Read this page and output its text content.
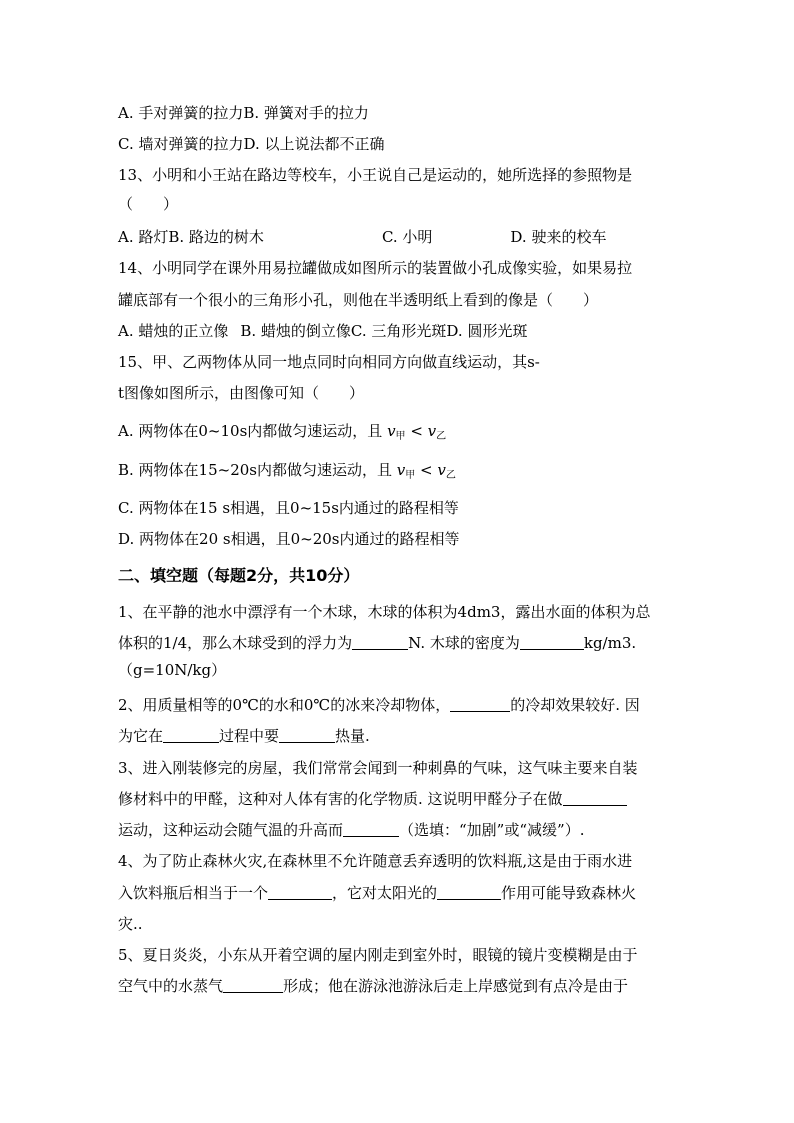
A. 手对弹簧的拉力B. 弹簧对手的拉力
C. 墙对弹簧的拉力D. 以上说法都不正确
13、小明和小王站在路边等校车，小王说自己是运动的，她所选择的参照物是
（　　）
A. 路灯B. 路边的树木	C. 小明	D. 驶来的校车
14、小明同学在课外用易拉罐做成如图所示的装置做小孔成像实验，如果易拉
罐底部有一个很小的三角形小孔，则他在半透明纸上看到的像是（　　）
A. 蜡烛的正立像 B. 蜡烛的倒立像C. 三角形光斑D. 圆形光斑
15、甲、乙两物体从同一地点同时向相同方向做直线运动，其s-
t图像如图所示，由图像可知（　　）
A. 两物体在0~10s内都做匀速运动，且 $v_甲 < v_乙$
B. 两物体在15~20s内都做匀速运动，且 $v_甲 < v_乙$
C. 两物体在15 s相遇，且0~15s内通过的路程相等
D. 两物体在20 s相遇，且0~20s内通过的路程相等
二、填空题（每题2分，共10分）
1、在平静的池水中漂浮有一个木球，木球的体积为4dm3，露出水面的体积为总
体积的1/4，那么木球受到的浮力为	N. 木球的密度为	kg/m3.
（g=10N/kg）
2、用质量相等的0℃的水和0℃的冰来冷却物体，	的冷却效果较好. 因
为它在	过程中要	热量.
3、进入刚装修完的房屋，我们常常会闻到一种刺鼻的气味，这气味主要来自装
修材料中的甲醛，这种对人体有害的化学物质. 这说明甲醛分子在做
运动，这种运动会随气温的升高而	（选填：“加剧”或“减缓”）.
4、为了防止森林火灾,在森林里不允许随意丢弃透明的饮料瓶,这是由于雨水进
入饮料瓶后相当于一个	，它对太阳光的	作用可能导致森林火
灾..
5、夏日炎炎，小东从开着空调的屋内刚走到室外时，眼镜的镜片变模糊是由于
空气中的水蒸气	形成；他在游泳池游泳后走上岸感觉到有点冷是由于
